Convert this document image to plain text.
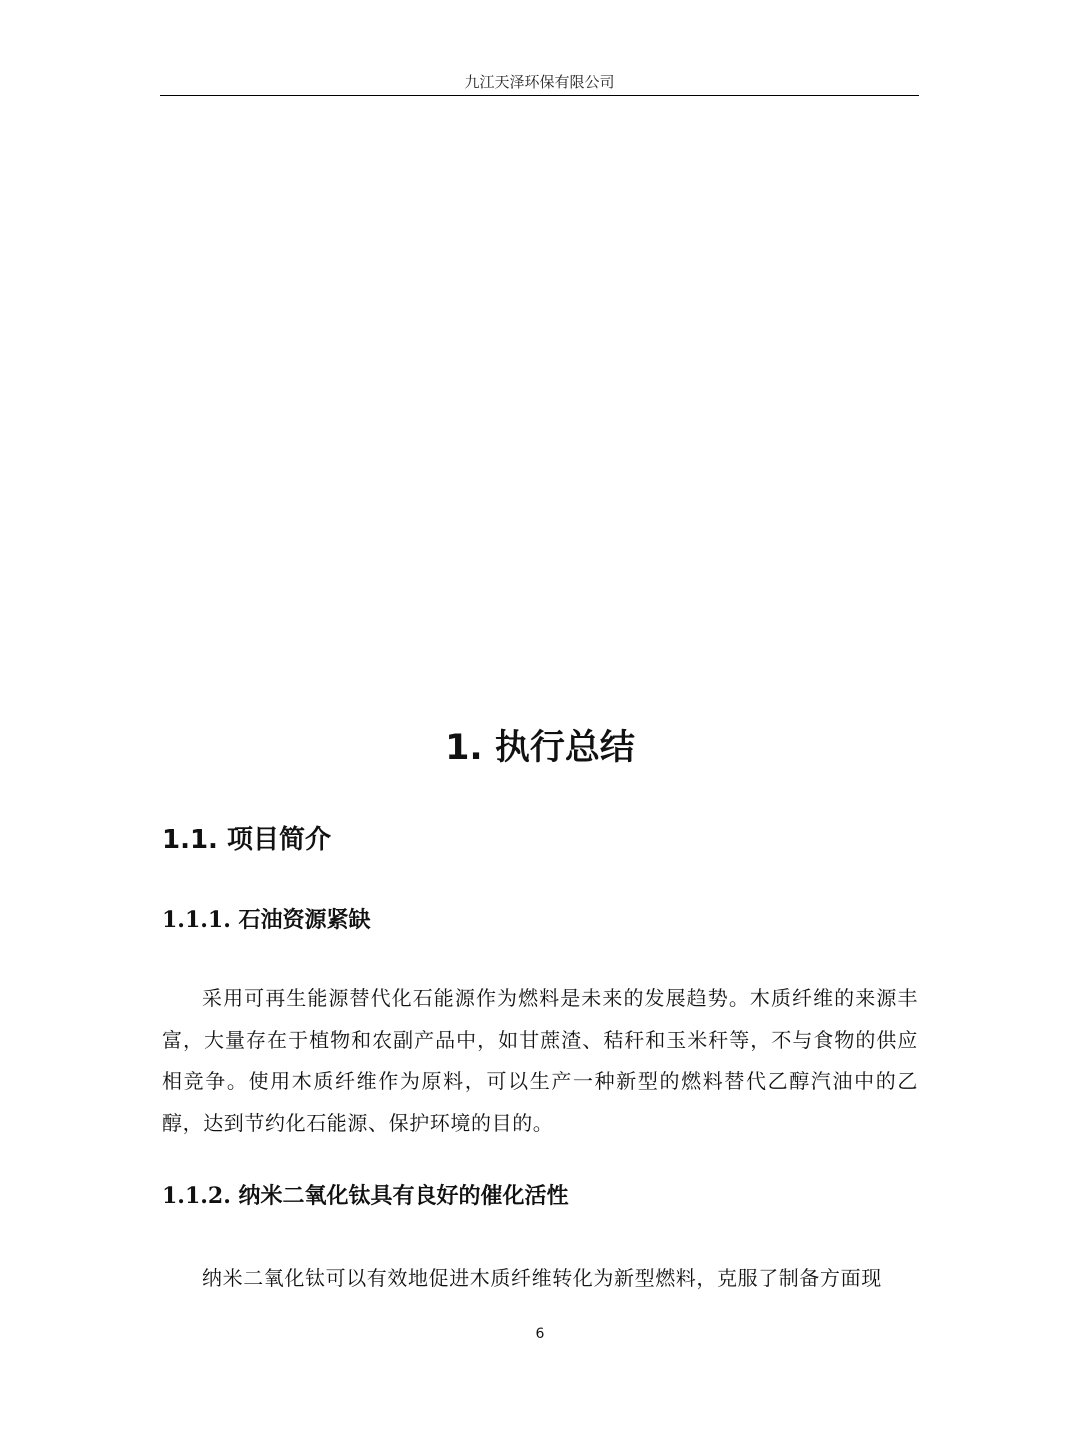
九江天泽环保有限公司
1. 执行总结
1.1. 项目简介
1.1.1. 石油资源紧缺

采用可再生能源替代化石能源作为燃料是未来的发展趋势。木质纤维的来源丰富，大量存在于植物和农副产品中，如甘蔗渣、秸秆和玉米秆等，不与食物的供应相竞争。使用木质纤维作为原料，可以生产一种新型的燃料替代乙醇汽油中的乙醇，达到节约化石能源、保护环境的目的。

1.1.2. 纳米二氧化钛具有良好的催化活性

纳米二氧化钛可以有效地促进木质纤维转化为新型燃料，克服了制备方面现

6
